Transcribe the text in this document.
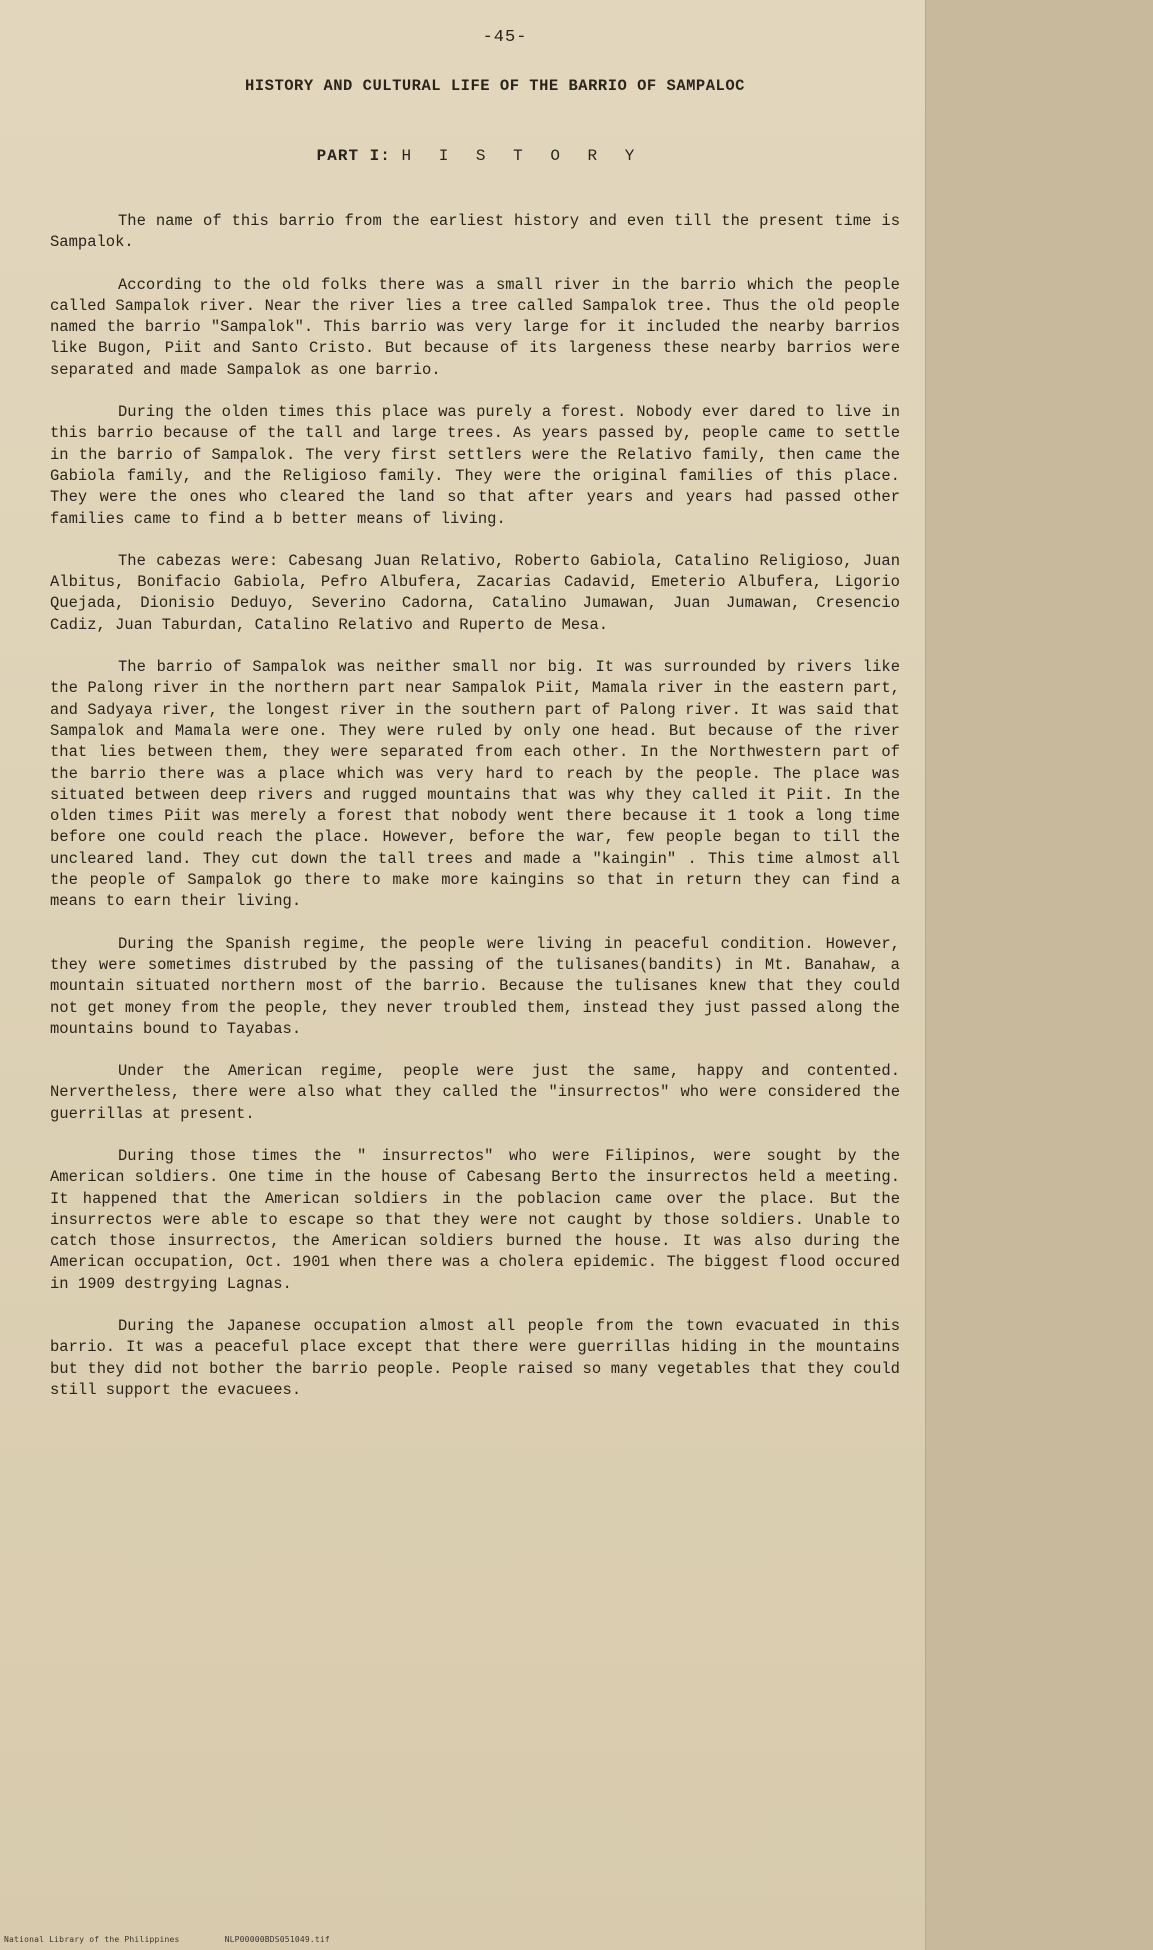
-45-
HISTORY AND CULTURAL LIFE OF THE BARRIO OF SAMPALOC
PART I: H I S T O R Y

The name of this barrio from the earliest history and even till the present time is Sampalok.

According to the old folks there was a small river in the barrio which the people called Sampalok river. Near the river lies a tree called Sampalok tree. Thus the old people named the barrio "Sampalok". This barrio was very large for it included the nearby barrios like Bugon, Piit and Santo Cristo. But because of its largeness these nearby barrios were separated and made Sampalok as one barrio.

During the olden times this place was purely a forest. Nobody ever dared to live in this barrio because of the tall and large trees. As years passed by, people came to settle in the barrio of Sampalok. The very first settlers were the Relativo family, then came the Gabiola family, and the Religioso family. They were the original families of this place. They were the ones who cleared the land so that after years and years had passed other families came to find a b better means of living.

The cabezas were: Cabesang Juan Relativo, Roberto Gabiola, Catalino Religioso, Juan Albitus, Bonifacio Gabiola, Pefro Albufera, Zacarias Cadavid, Emeterio Albufera, Ligorio Quejada, Dionisio Deduyo, Severino Cadorna, Catalino Jumawan, Juan Jumawan, Cresencio Cadiz, Juan Taburdan, Catalino Relativo and Ruperto de Mesa.

The barrio of Sampalok was neither small nor big. It was surrounded by rivers like the Palong river in the northern part near Sampalok Piit, Mamala river in the eastern part, and Sadyaya river, the longest river in the southern part of Palong river. It was said that Sampalok and Mamala were one. They were ruled by only one head. But because of the river that lies between them, they were separated from each other. In the Northwestern part of the barrio there was a place which was very hard to reach by the people. The place was situated between deep rivers and rugged mountains that was why they called it Piit. In the olden times Piit was merely a forest that nobody went there because it 1 took a long time before one could reach the place. However, before the war, few people began to till the uncleared land. They cut down the tall trees and made a "kaingin" . This time almost all the people of Sampalok go there to make more kaingins so that in return they can find a means to earn their living.

During the Spanish regime, the people were living in peaceful condition. However, they were sometimes distrubed by the passing of the tulisanes(bandits) in Mt. Banahaw, a mountain situated northern most of the barrio. Because the tulisanes knew that they could not get money from the people, they never troubled them, instead they just passed along the mountains bound to Tayabas.

Under the American regime, people were just the same, happy and contented. Nervertheless, there were also what they called the "insurrectos" who were considered the guerrillas at present.

During those times the " insurrectos" who were Filipinos, were sought by the American soldiers. One time in the house of Cabesang Berto the insurrectos held a meeting. It happened that the American soldiers in the poblacion came over the place. But the insurrectos were able to escape so that they were not caught by those soldiers. Unable to catch those insurrectos, the American soldiers burned the house. It was also during the American occupation, Oct. 1901 when there was a cholera epidemic. The biggest flood occured in 1909 destrgying Lagnas.

During the Japanese occupation almost all people from the town evacuated in this barrio. It was a peaceful place except that there were guerrillas hiding in the mountains but they did not bother the barrio people. People raised so many vegetables that they could still support the evacuees.

National Library of the Philippines	NLP00000BDS051049.tif
